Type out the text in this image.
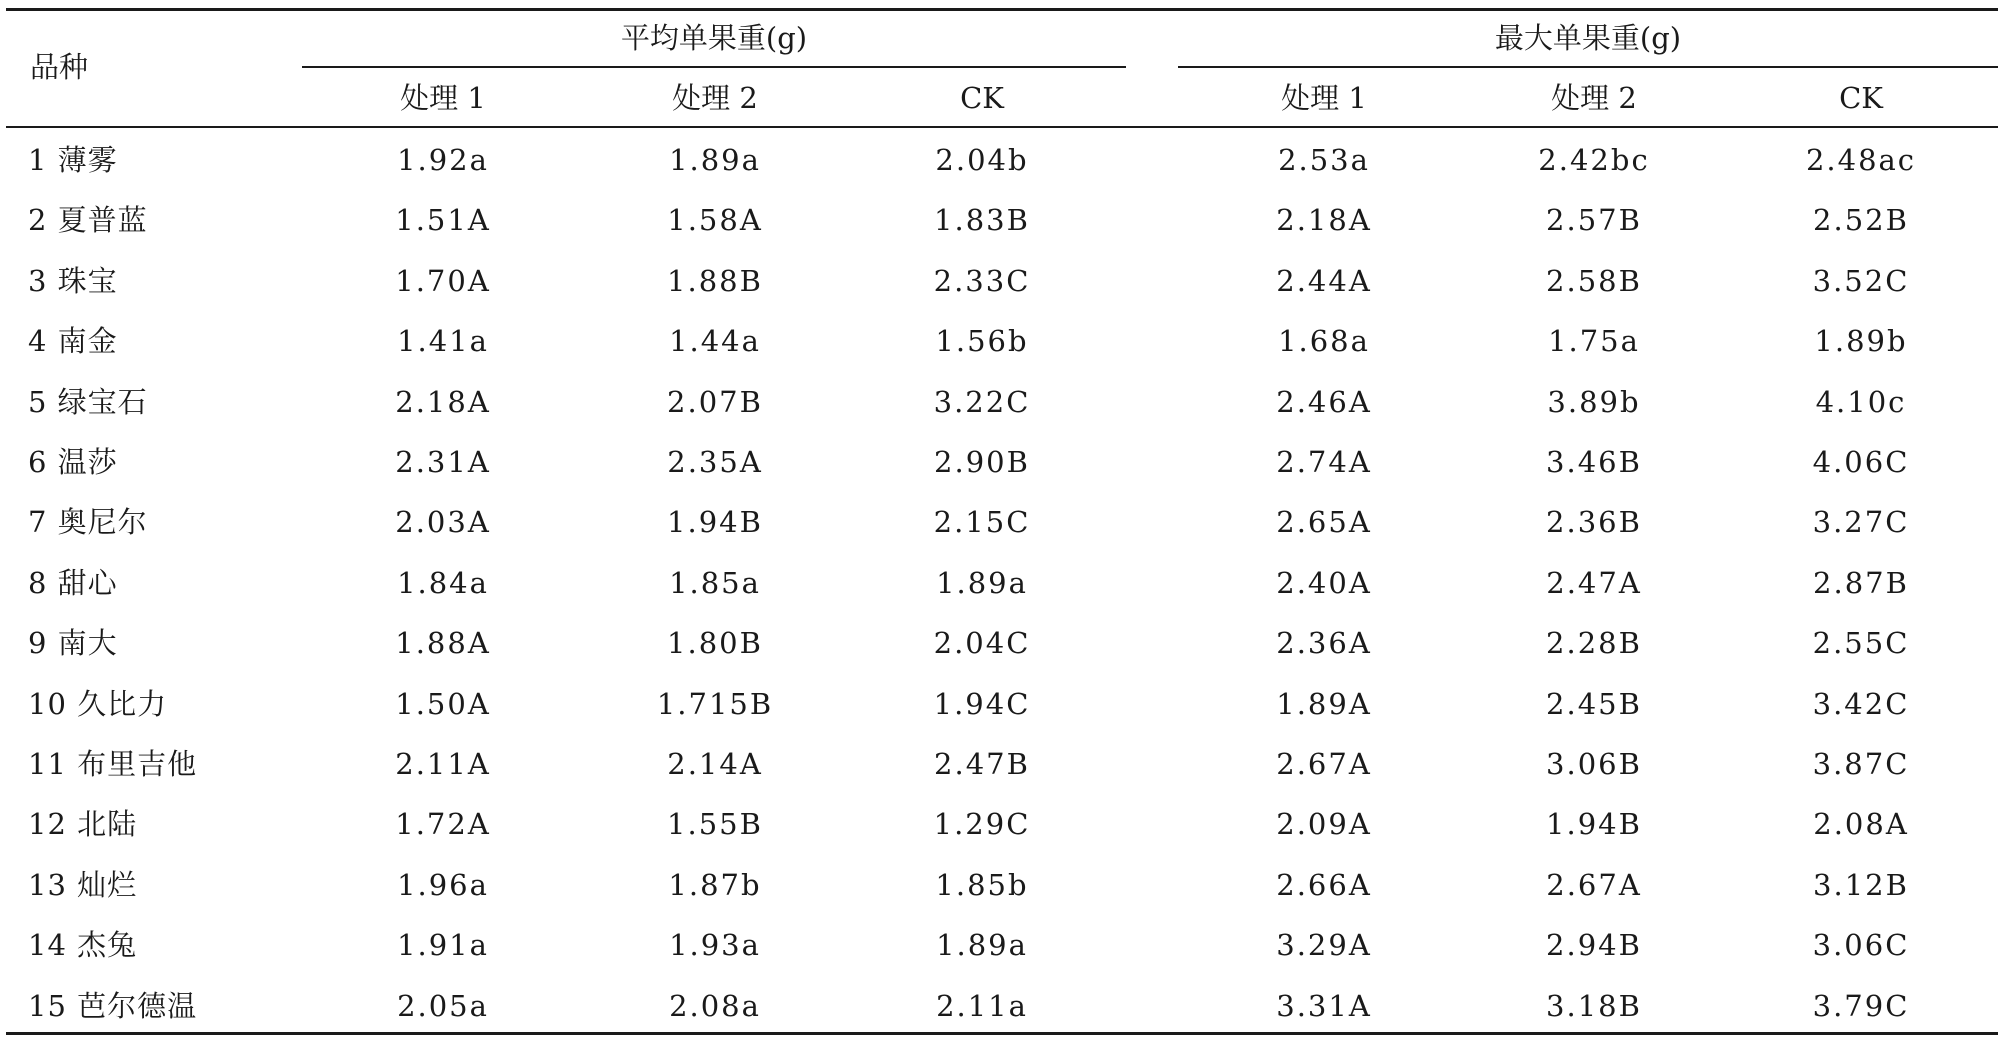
品种
平均单果重(g)	最大单果重(g)
处理 1	处理 2	CK	处理 1	处理 2	CK
1 薄雾	1.92a	1.89a	2.04b	2.53a	2.42bc	2.48ac
2 夏普蓝	1.51A	1.58A	1.83B	2.18A	2.57B	2.52B
3 珠宝	1.70A	1.88B	2.33C	2.44A	2.58B	3.52C
4 南金	1.41a	1.44a	1.56b	1.68a	1.75a	1.89b
5 绿宝石	2.18A	2.07B	3.22C	2.46A	3.89b	4.10c
6 温莎	2.31A	2.35A	2.90B	2.74A	3.46B	4.06C
7 奥尼尔	2.03A	1.94B	2.15C	2.65A	2.36B	3.27C
8 甜心	1.84a	1.85a	1.89a	2.40A	2.47A	2.87B
9 南大	1.88A	1.80B	2.04C	2.36A	2.28B	2.55C
10 久比力	1.50A	1.715B	1.94C	1.89A	2.45B	3.42C
11 布里吉他	2.11A	2.14A	2.47B	2.67A	3.06B	3.87C
12 北陆	1.72A	1.55B	1.29C	2.09A	1.94B	2.08A
13 灿烂	1.96a	1.87b	1.85b	2.66A	2.67A	3.12B
14 杰兔	1.91a	1.93a	1.89a	3.29A	2.94B	3.06C
15 芭尔德温	2.05a	2.08a	2.11a	3.31A	3.18B	3.79C
